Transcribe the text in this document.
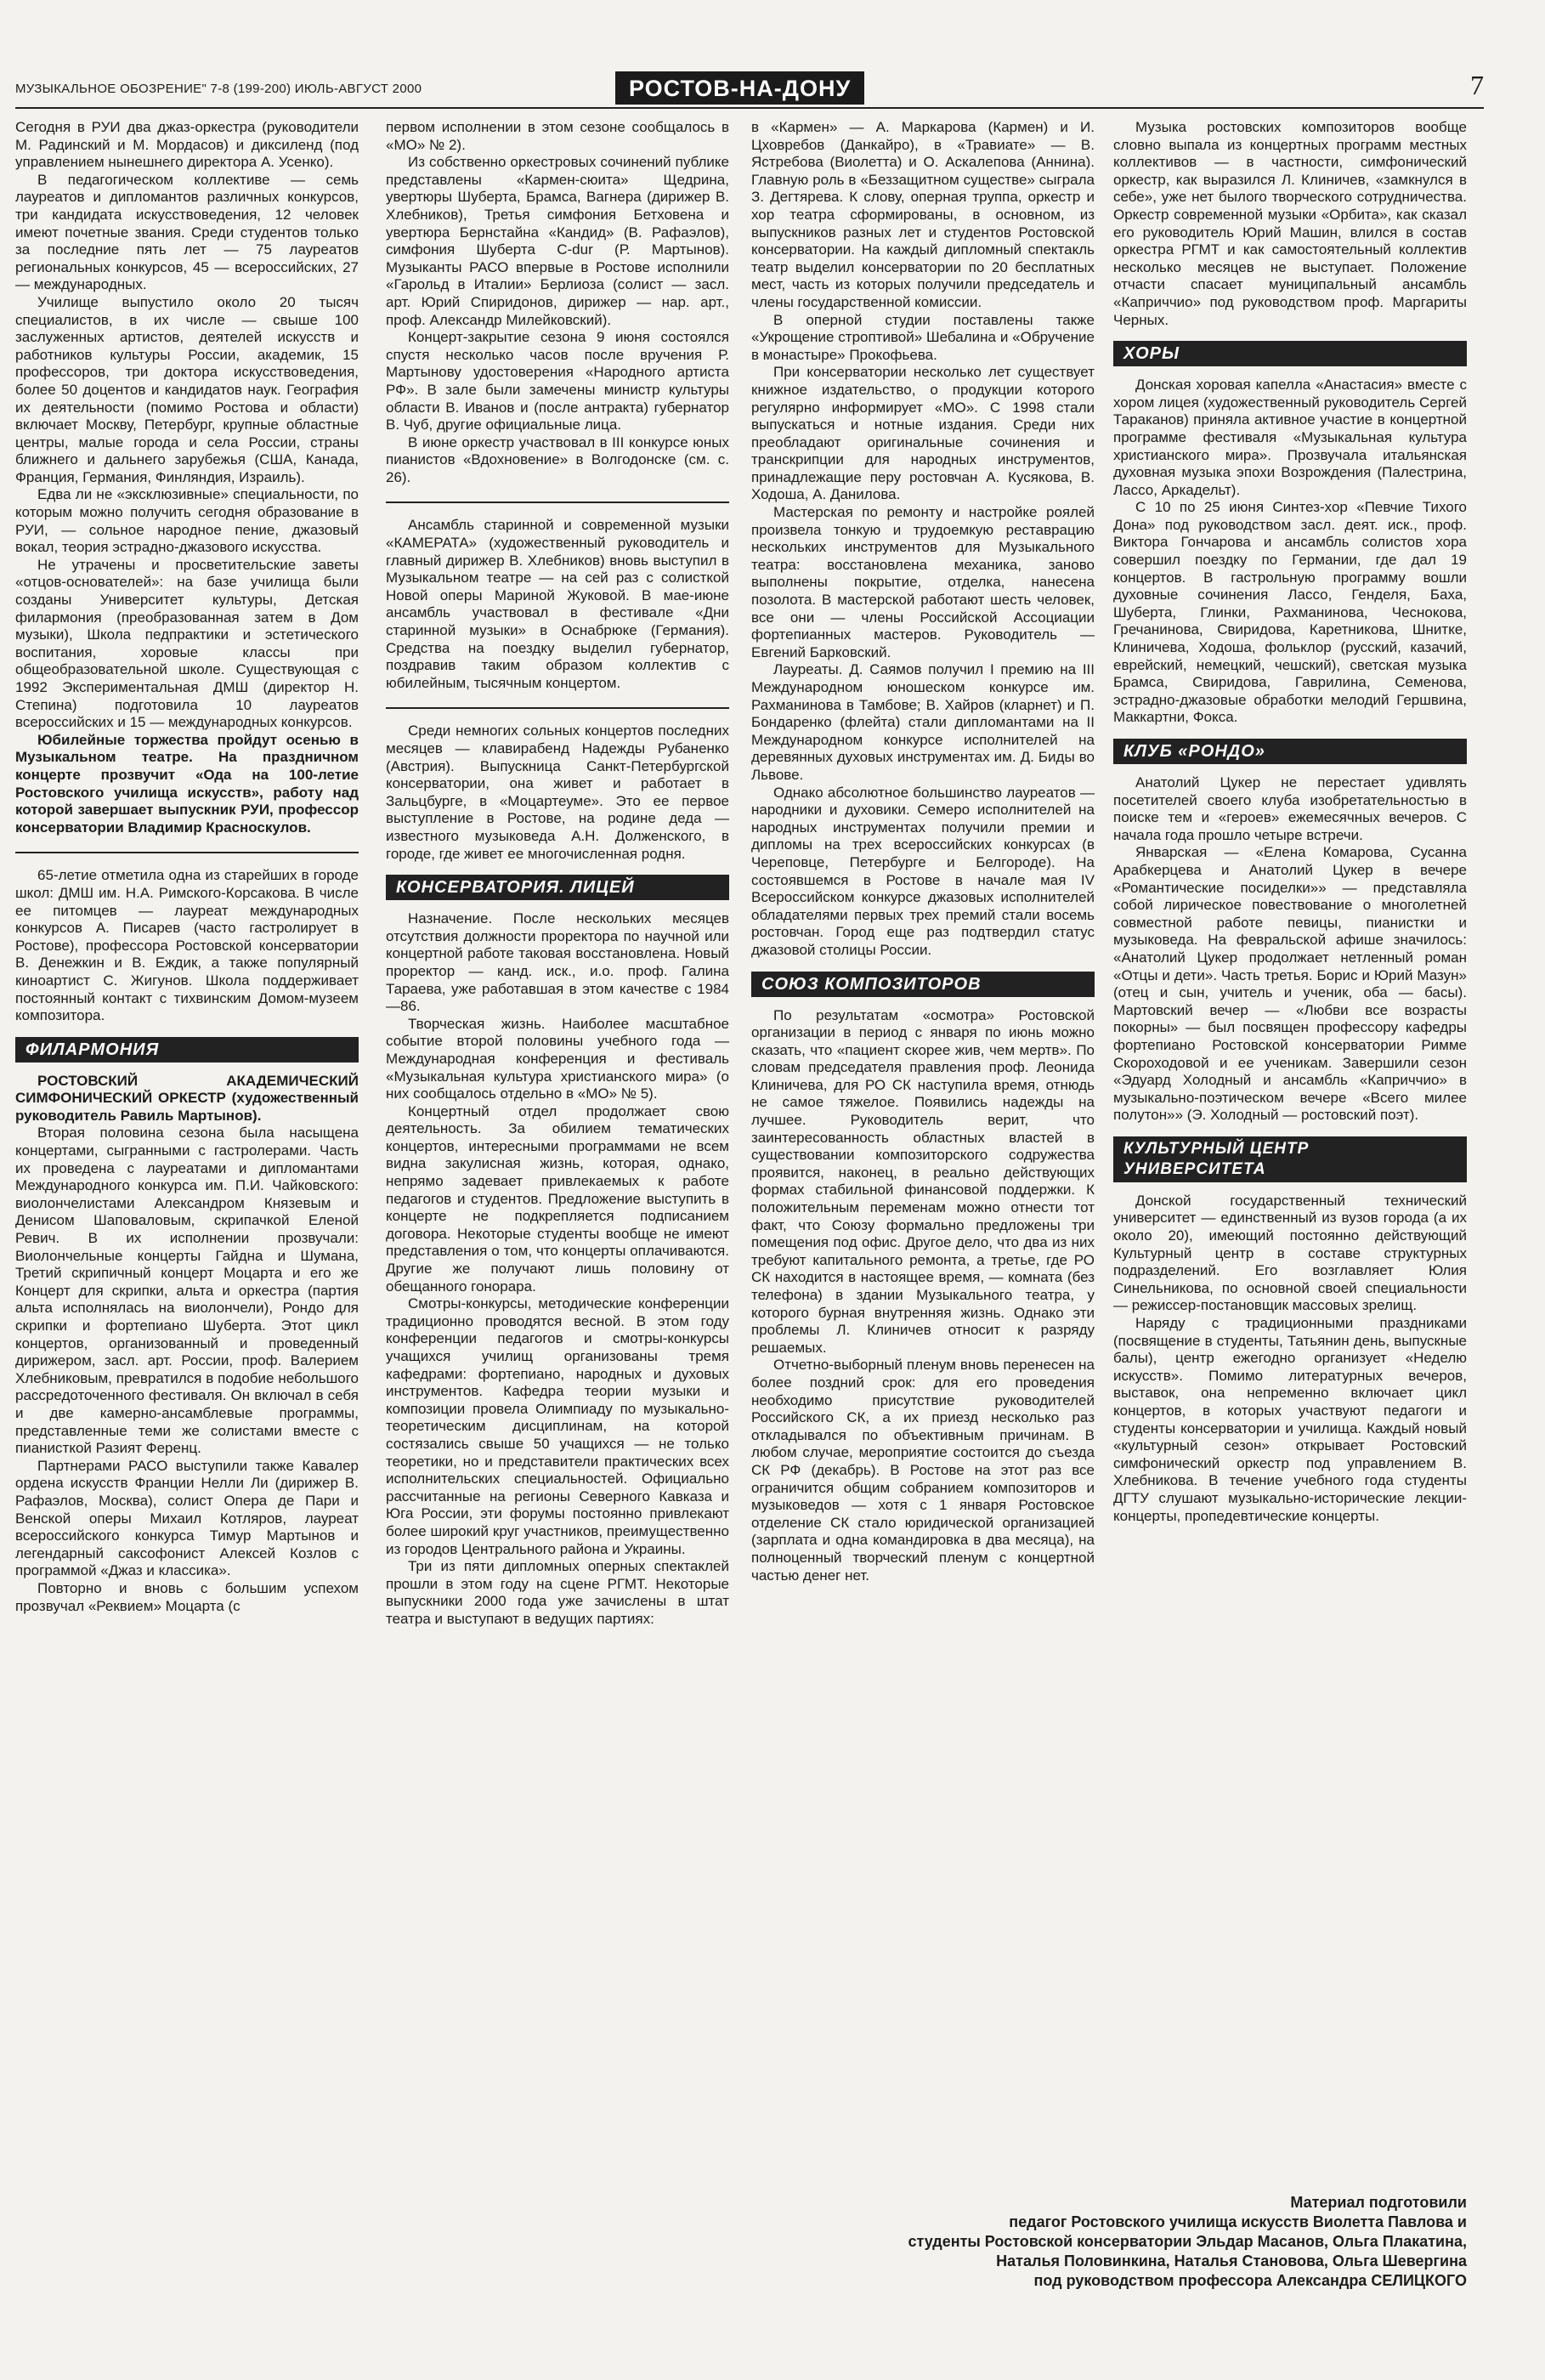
МУЗЫКАЛЬНОЕ ОБОЗРЕНИЕ" 7-8 (199-200) ИЮЛЬ-АВГУСТ 2000	РОСТОВ-НА-ДОНУ	7

Сегодня в РУИ два джаз-оркестра (руководители М. Радинский и М. Мордасов) и диксиленд (под управлением нынешнего директора А. Усенко).

В педагогическом коллективе — семь лауреатов и дипломантов различных конкурсов, три кандидата искусствоведения, 12 человек имеют почетные звания. Среди студентов только за последние пять лет — 75 лауреатов региональных конкурсов, 45 — всероссийских, 27 — международных.

Училище выпустило около 20 тысяч специалистов, в их числе — свыше 100 заслуженных артистов, деятелей искусств и работников культуры России, академик, 15 профессоров, три доктора искусствоведения, более 50 доцентов и кандидатов наук. География их деятельности (помимо Ростова и области) включает Москву, Петербург, крупные областные центры, малые города и села России, страны ближнего и дальнего зарубежья (США, Канада, Франция, Германия, Финляндия, Израиль).

Едва ли не «эксклюзивные» специальности, по которым можно получить сегодня образование в РУИ, — сольное народное пение, джазовый вокал, теория эстрадно-джазового искусства.

Не утрачены и просветительские заветы «отцов-основателей»: на базе училища были созданы Университет культуры, Детская филармония (преобразованная затем в Дом музыки), Школа педпрактики и эстетического воспитания, хоровые классы при общеобразовательной школе. Существующая с 1992 Экспериментальная ДМШ (директор Н. Степина) подготовила 10 лауреатов всероссийских и 15 — международных конкурсов.

Юбилейные торжества пройдут осенью в Музыкальном театре. На праздничном концерте прозвучит «Ода на 100-летие Ростовского училища искусств», работу над которой завершает выпускник РУИ, профессор консерватории Владимир Красноскулов.

65-летие отметила одна из старейших в городе школ: ДМШ им. Н.А. Римского-Корсакова. В числе ее питомцев — лауреат международных конкурсов А. Писарев (часто гастролирует в Ростове), профессора Ростовской консерватории В. Денежкин и В. Еждик, а также популярный киноартист С. Жигунов. Школа поддерживает постоянный контакт с тихвинским Домом-музеем композитора.

ФИЛАРМОНИЯ

РОСТОВСКИЙ АКАДЕМИЧЕСКИЙ СИМФОНИЧЕСКИЙ ОРКЕСТР (художественный руководитель Равиль Мартынов).

Вторая половина сезона была насыщена концертами, сыгранными с гастролерами. Часть их проведена с лауреатами и дипломантами Международного конкурса им. П.И. Чайковского: виолончелистами Александром Князевым и Денисом Шаповаловым, скрипачкой Еленой Ревич. В их исполнении прозвучали: Виолончельные концерты Гайдна и Шумана, Третий скрипичный концерт Моцарта и его же Концерт для скрипки, альта и оркестра (партия альта исполнялась на виолончели), Рондо для скрипки и фортепиано Шуберта. Этот цикл концертов, организованный и проведенный дирижером, засл. арт. России, проф. Валерием Хлебниковым, превратился в подобие небольшого рассредоточенного фестиваля. Он включал в себя и две камерно-ансамблевые программы, представленные теми же солистами вместе с пианисткой Разият Ференц.

Партнерами РАСО выступили также Кавалер ордена искусств Франции Нелли Ли (дирижер В. Рафаэлов, Москва), солист Опера де Пари и Венской оперы Михаил Котляров, лауреат всероссийского конкурса Тимур Мартынов и легендарный саксофонист Алексей Козлов с программой «Джаз и классика».

Повторно и вновь с большим успехом прозвучал «Реквием» Моцарта (с

первом исполнении в этом сезоне сообщалось в «МО» № 2).

Из собственно оркестровых сочинений публике представлены «Кармен-сюита» Щедрина, увертюры Шуберта, Брамса, Вагнера (дирижер В. Хлебников), Третья симфония Бетховена и увертюра Бернстайна «Кандид» (В. Рафаэлов), симфония Шуберта C-dur (Р. Мартынов). Музыканты РАСО впервые в Ростове исполнили «Гарольд в Италии» Берлиоза (солист — засл. арт. Юрий Спиридонов, дирижер — нар. арт., проф. Александр Милейковский).

Концерт-закрытие сезона 9 июня состоялся спустя несколько часов после вручения Р. Мартынову удостоверения «Народного артиста РФ». В зале были замечены министр культуры области В. Иванов и (после антракта) губернатор В. Чуб, другие официальные лица.

В июне оркестр участвовал в III конкурсе юных пианистов «Вдохновение» в Волгодонске (см. с. 26).

Ансамбль старинной и современной музыки «КАМЕРАТА» (художественный руководитель и главный дирижер В. Хлебников) вновь выступил в Музыкальном театре — на сей раз с солисткой Новой оперы Мариной Жуковой. В мае-июне ансамбль участвовал в фестивале «Дни старинной музыки» в Оснабрюке (Германия). Средства на поездку выделил губернатор, поздравив таким образом коллектив с юбилейным, тысячным концертом.

Среди немногих сольных концертов последних месяцев — клавирабенд Надежды Рубаненко (Австрия). Выпускница Санкт-Петербургской консерватории, она живет и работает в Зальцбурге, в «Моцартеуме». Это ее первое выступление в Ростове, на родине деда — известного музыковеда А.Н. Долженского, в городе, где живет ее многочисленная родня.

КОНСЕРВАТОРИЯ. ЛИЦЕЙ

Назначение. После нескольких месяцев отсутствия должности проректора по научной или концертной работе таковая восстановлена. Новый проректор — канд. иск., и.о. проф. Галина Тараева, уже работавшая в этом качестве с 1984—86.

Творческая жизнь. Наиболее масштабное событие второй половины учебного года — Международная конференция и фестиваль «Музыкальная культура христианского мира» (о них сообщалось отдельно в «МО» № 5).

Концертный отдел продолжает свою деятельность. За обилием тематических концертов, интересными программами не всем видна закулисная жизнь, которая, однако, непрямо задевает привлекаемых к работе педагогов и студентов. Предложение выступить в концерте не подкрепляется подписанием договора. Некоторые студенты вообще не имеют представления о том, что концерты оплачиваются. Другие же получают лишь половину от обещанного гонорара.

Смотры-конкурсы, методические конференции традиционно проводятся весной. В этом году конференции педагогов и смотры-конкурсы учащихся училищ организованы тремя кафедрами: фортепиано, народных и духовых инструментов. Кафедра теории музыки и композиции провела Олимпиаду по музыкально-теоретическим дисциплинам, на которой состязались свыше 50 учащихся — не только теоретики, но и представители практических всех исполнительских специальностей. Официально рассчитанные на регионы Северного Кавказа и Юга России, эти форумы постоянно привлекают более широкий круг участников, преимущественно из городов Центрального района и Украины.

Три из пяти дипломных оперных спектаклей прошли в этом году на сцене РГМТ. Некоторые выпускники 2000 года уже зачислены в штат театра и выступают в ведущих партиях:

в «Кармен» — А. Маркарова (Кармен) и И. Цховребов (Данкайро), в «Травиате» — В. Ястребова (Виолетта) и О. Аскалепова (Аннина). Главную роль в «Беззащитном существе» сыграла З. Дегтярева. К слову, оперная труппа, оркестр и хор театра сформированы, в основном, из выпускников разных лет и студентов Ростовской консерватории. На каждый дипломный спектакль театр выделил консерватории по 20 бесплатных мест, часть из которых получили председатель и члены государственной комиссии.

В оперной студии поставлены также «Укрощение строптивой» Шебалина и «Обручение в монастыре» Прокофьева.

При консерватории несколько лет существует книжное издательство, о продукции которого регулярно информирует «МО». С 1998 стали выпускаться и нотные издания. Среди них преобладают оригинальные сочинения и транскрипции для народных инструментов, принадлежащие перу ростовчан А. Кусякова, В. Ходоша, А. Данилова.

Мастерская по ремонту и настройке роялей произвела тонкую и трудоемкую реставрацию нескольких инструментов для Музыкального театра: восстановлена механика, заново выполнены покрытие, отделка, нанесена позолота. В мастерской работают шесть человек, все они — члены Российской Ассоциации фортепианных мастеров. Руководитель — Евгений Барковский.

Лауреаты. Д. Саямов получил I премию на III Международном юношеском конкурсе им. Рахманинова в Тамбове; В. Хайров (кларнет) и П. Бондаренко (флейта) стали дипломантами на II Международном конкурсе исполнителей на деревянных духовых инструментах им. Д. Биды во Львове.

Однако абсолютное большинство лауреатов — народники и духовики. Семеро исполнителей на народных инструментах получили премии и дипломы на трех всероссийских конкурсах (в Череповце, Петербурге и Белгороде). На состоявшемся в Ростове в начале мая IV Всероссийском конкурсе джазовых исполнителей обладателями первых трех премий стали восемь ростовчан. Город еще раз подтвердил статус джазовой столицы России.

СОЮЗ КОМПОЗИТОРОВ

По результатам «осмотра» Ростовской организации в период с января по июнь можно сказать, что «пациент скорее жив, чем мертв». По словам председателя правления проф. Леонида Клиничева, для РО СК наступила время, отнюдь не самое тяжелое. Появились надежды на лучшее. Руководитель верит, что заинтересованность областных властей в существовании композиторского содружества проявится, наконец, в реально действующих формах стабильной финансовой поддержки. К положительным переменам можно отнести тот факт, что Союзу формально предложены три помещения под офис. Другое дело, что два из них требуют капитального ремонта, а третье, где РО СК находится в настоящее время, — комната (без телефона) в здании Музыкального театра, у которого бурная внутренняя жизнь. Однако эти проблемы Л. Клиничев относит к разряду решаемых.

Отчетно-выборный пленум вновь перенесен на более поздний срок: для его проведения необходимо присутствие руководителей Российского СК, а их приезд несколько раз откладывался по объективным причинам. В любом случае, мероприятие состоится до съезда СК РФ (декабрь). В Ростове на этот раз все ограничится общим собранием композиторов и музыковедов — хотя с 1 января Ростовское отделение СК стало юридической организацией (зарплата и одна командировка в два месяца), на полноценный творческий пленум с концертной частью денег нет.

Музыка ростовских композиторов вообще словно выпала из концертных программ местных коллективов — в частности, симфонический оркестр, как выразился Л. Клиничев, «замкнулся в себе», уже нет былого творческого сотрудничества. Оркестр современной музыки «Орбита», как сказал его руководитель Юрий Машин, влился в состав оркестра РГМТ и как самостоятельный коллектив несколько месяцев не выступает. Положение отчасти спасает муниципальный ансамбль «Каприччио» под руководством проф. Маргариты Черных.

ХОРЫ

Донская хоровая капелла «Анастасия» вместе с хором лицея (художественный руководитель Сергей Тараканов) приняла активное участие в концертной программе фестиваля «Музыкальная культура христианского мира». Прозвучала итальянская духовная музыка эпохи Возрождения (Палестрина, Лассо, Аркадельт).

С 10 по 25 июня Синтез-хор «Певчие Тихого Дона» под руководством засл. деят. иск., проф. Виктора Гончарова и ансамбль солистов хора совершил поездку по Германии, где дал 19 концертов. В гастрольную программу вошли духовные сочинения Лассо, Генделя, Баха, Шуберта, Глинки, Рахманинова, Чеснокова, Гречанинова, Свиридова, Каретникова, Шнитке, Клиничева, Ходоша, фольклор (русский, казачий, еврейский, немецкий, чешский), светская музыка Брамса, Свиридова, Гаврилина, Семенова, эстрадно-джазовые обработки мелодий Гершвина, Маккартни, Фокса.

КЛУБ «РОНДО»

Анатолий Цукер не перестает удивлять посетителей своего клуба изобретательностью в поиске тем и «героев» ежемесячных вечеров. С начала года прошло четыре встречи.

Январская — «Елена Комарова, Сусанна Арабкерцева и Анатолий Цукер в вечере «Романтические посиделки»» — представляла собой лирическое повествование о многолетней совместной работе певицы, пианистки и музыковеда. На февральской афише значилось: «Анатолий Цукер продолжает нетленный роман «Отцы и дети». Часть третья. Борис и Юрий Мазун» (отец и сын, учитель и ученик, оба — басы). Мартовский вечер — «Любви все возрасты покорны» — был посвящен профессору кафедры фортепиано Ростовской консерватории Римме Скороходовой и ее ученикам. Завершили сезон «Эдуард Холодный и ансамбль «Каприччио» в музыкально-поэтическом вечере «Всего милее полутон»» (Э. Холодный — ростовский поэт).

КУЛЬТУРНЫЙ ЦЕНТР УНИВЕРСИТЕТА

Донской государственный технический университет — единственный из вузов города (а их около 20), имеющий постоянно действующий Культурный центр в составе структурных подразделений. Его возглавляет Юлия Синельникова, по основной своей специальности — режиссер-постановщик массовых зрелищ.

Наряду с традиционными праздниками (посвящение в студенты, Татьянин день, выпускные балы), центр ежегодно организует «Неделю искусств». Помимо литературных вечеров, выставок, она непременно включает цикл концертов, в которых участвуют педагоги и студенты консерватории и училища. Каждый новый «культурный сезон» открывает Ростовский симфонический оркестр под управлением В. Хлебникова. В течение учебного года студенты ДГТУ слушают музыкально-исторические лекции-концерты, пропедевтические концерты.

Материал подготовили
педагог Ростовского училища искусств Виолетта Павлова и
студенты Ростовской консерватории Эльдар Масанов, Ольга Плакатина,
Наталья Половинкина, Наталья Становова, Ольга Шевергина
под руководством профессора Александра СЕЛИЦКОГО
